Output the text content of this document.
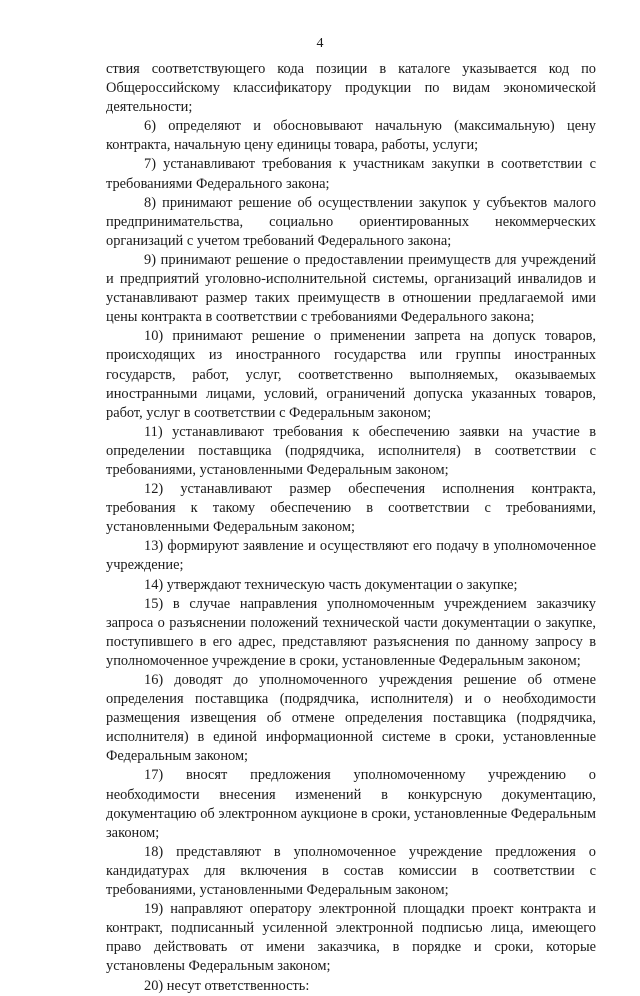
4

ствия соответствующего кода позиции в каталоге указывается код по Общероссийскому классификатору продукции по видам экономической деятельности;

6) определяют и обосновывают начальную (максимальную) цену контракта, начальную цену единицы товара, работы, услуги;

7) устанавливают требования к участникам закупки в соответствии с требованиями Федерального закона;

8) принимают решение об осуществлении закупок у субъектов малого предпринимательства, социально ориентированных некоммерческих организаций с учетом требований Федерального закона;

9) принимают решение о предоставлении преимуществ для учреждений и предприятий уголовно-исполнительной системы, организаций инвалидов и устанавливают размер таких преимуществ в отношении предлагаемой ими цены контракта в соответствии с требованиями Федерального закона;

10) принимают решение о применении запрета на допуск товаров, происходящих из иностранного государства или группы иностранных государств, работ, услуг, соответственно выполняемых, оказываемых иностранными лицами, условий, ограничений допуска указанных товаров, работ, услуг в соответствии с Федеральным законом;

11) устанавливают требования к обеспечению заявки на участие в определении поставщика (подрядчика, исполнителя) в соответствии с требованиями, установленными Федеральным законом;

12) устанавливают размер обеспечения исполнения контракта, требования к такому обеспечению в соответствии с требованиями, установленными Федеральным законом;

13) формируют заявление и осуществляют его подачу в уполномоченное учреждение;

14) утверждают техническую часть документации о закупке;

15) в случае направления уполномоченным учреждением заказчику запроса о разъяснении положений технической части документации о закупке, поступившего в его адрес, представляют разъяснения по данному запросу в уполномоченное учреждение в сроки, установленные Федеральным законом;

16) доводят до уполномоченного учреждения решение об отмене определения поставщика (подрядчика, исполнителя) и о необходимости размещения извещения об отмене определения поставщика (подрядчика, исполнителя) в единой информационной системе в сроки, установленные Федеральным законом;

17) вносят предложения уполномоченному учреждению о необходимости внесения изменений в конкурсную документацию, документацию об электронном аукционе в сроки, установленные Федеральным законом;

18) представляют в уполномоченное учреждение предложения о кандидатурах для включения в состав комиссии в соответствии с требованиями, установленными Федеральным законом;

19) направляют оператору электронной площадки проект контракта и контракт, подписанный усиленной электронной подписью лица, имеющего право действовать от имени заказчика, в порядке и сроки, которые установлены Федеральным законом;

20) несут ответственность:
